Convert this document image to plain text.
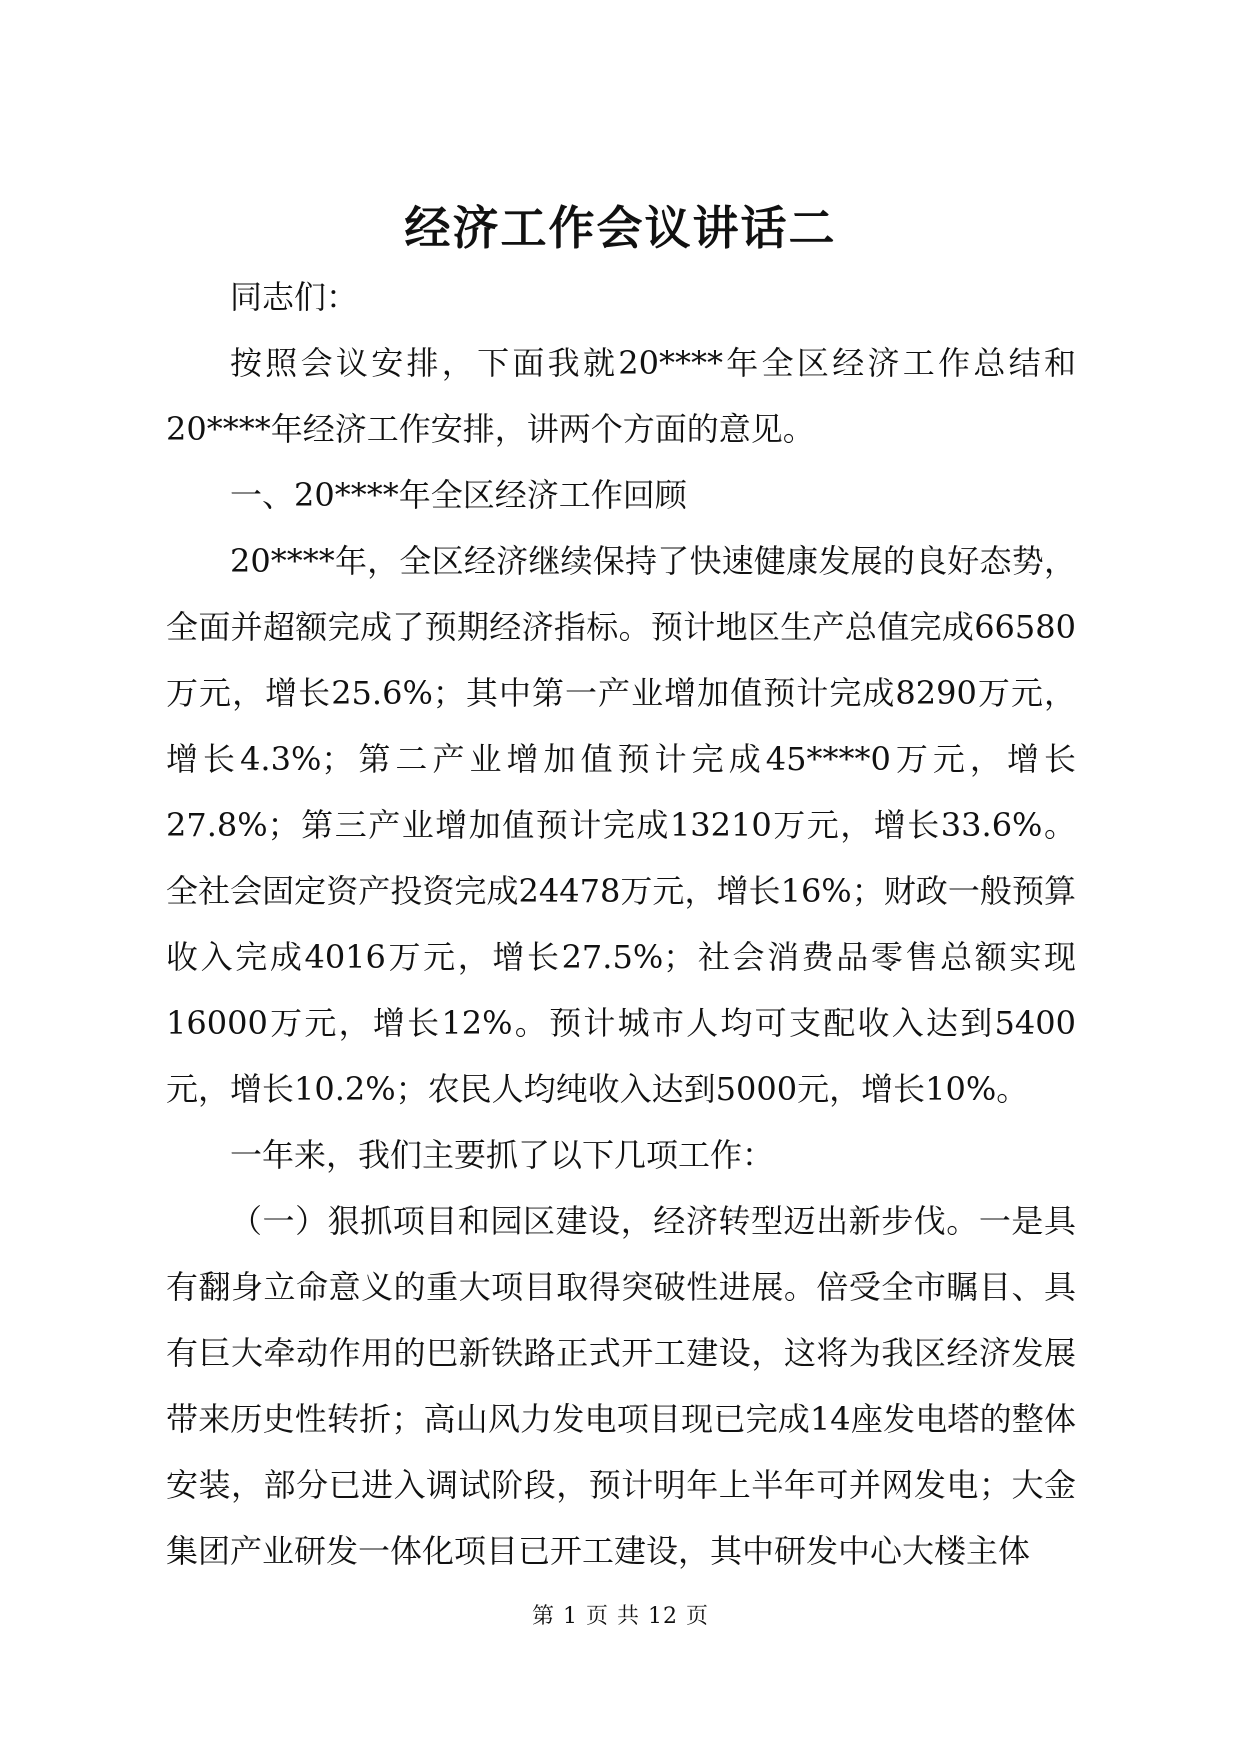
经济工作会议讲话二

同志们：

按照会议安排，下面我就20****年全区经济工作总结和20****年经济工作安排，讲两个方面的意见。

一、20****年全区经济工作回顾

20****年，全区经济继续保持了快速健康发展的良好态势，全面并超额完成了预期经济指标。预计地区生产总值完成66580万元，增长25.6%；其中第一产业增加值预计完成8290万元，增长4.3%；第二产业增加值预计完成45****0万元，增长27.8%；第三产业增加值预计完成13210万元，增长33.6%。全社会固定资产投资完成24478万元，增长16%；财政一般预算收入完成4016万元，增长27.5%；社会消费品零售总额实现16000万元，增长12%。预计城市人均可支配收入达到5400元，增长10.2%；农民人均纯收入达到5000元，增长10%。

一年来，我们主要抓了以下几项工作：

（一）狠抓项目和园区建设，经济转型迈出新步伐。一是具有翻身立命意义的重大项目取得突破性进展。倍受全市瞩目、具有巨大牵动作用的巴新铁路正式开工建设，这将为我区经济发展带来历史性转折；高山风力发电项目现已完成14座发电塔的整体安装，部分已进入调试阶段，预计明年上半年可并网发电；大金集团产业研发一体化项目已开工建设，其中研发中心大楼主体

第 1 页 共 12 页
